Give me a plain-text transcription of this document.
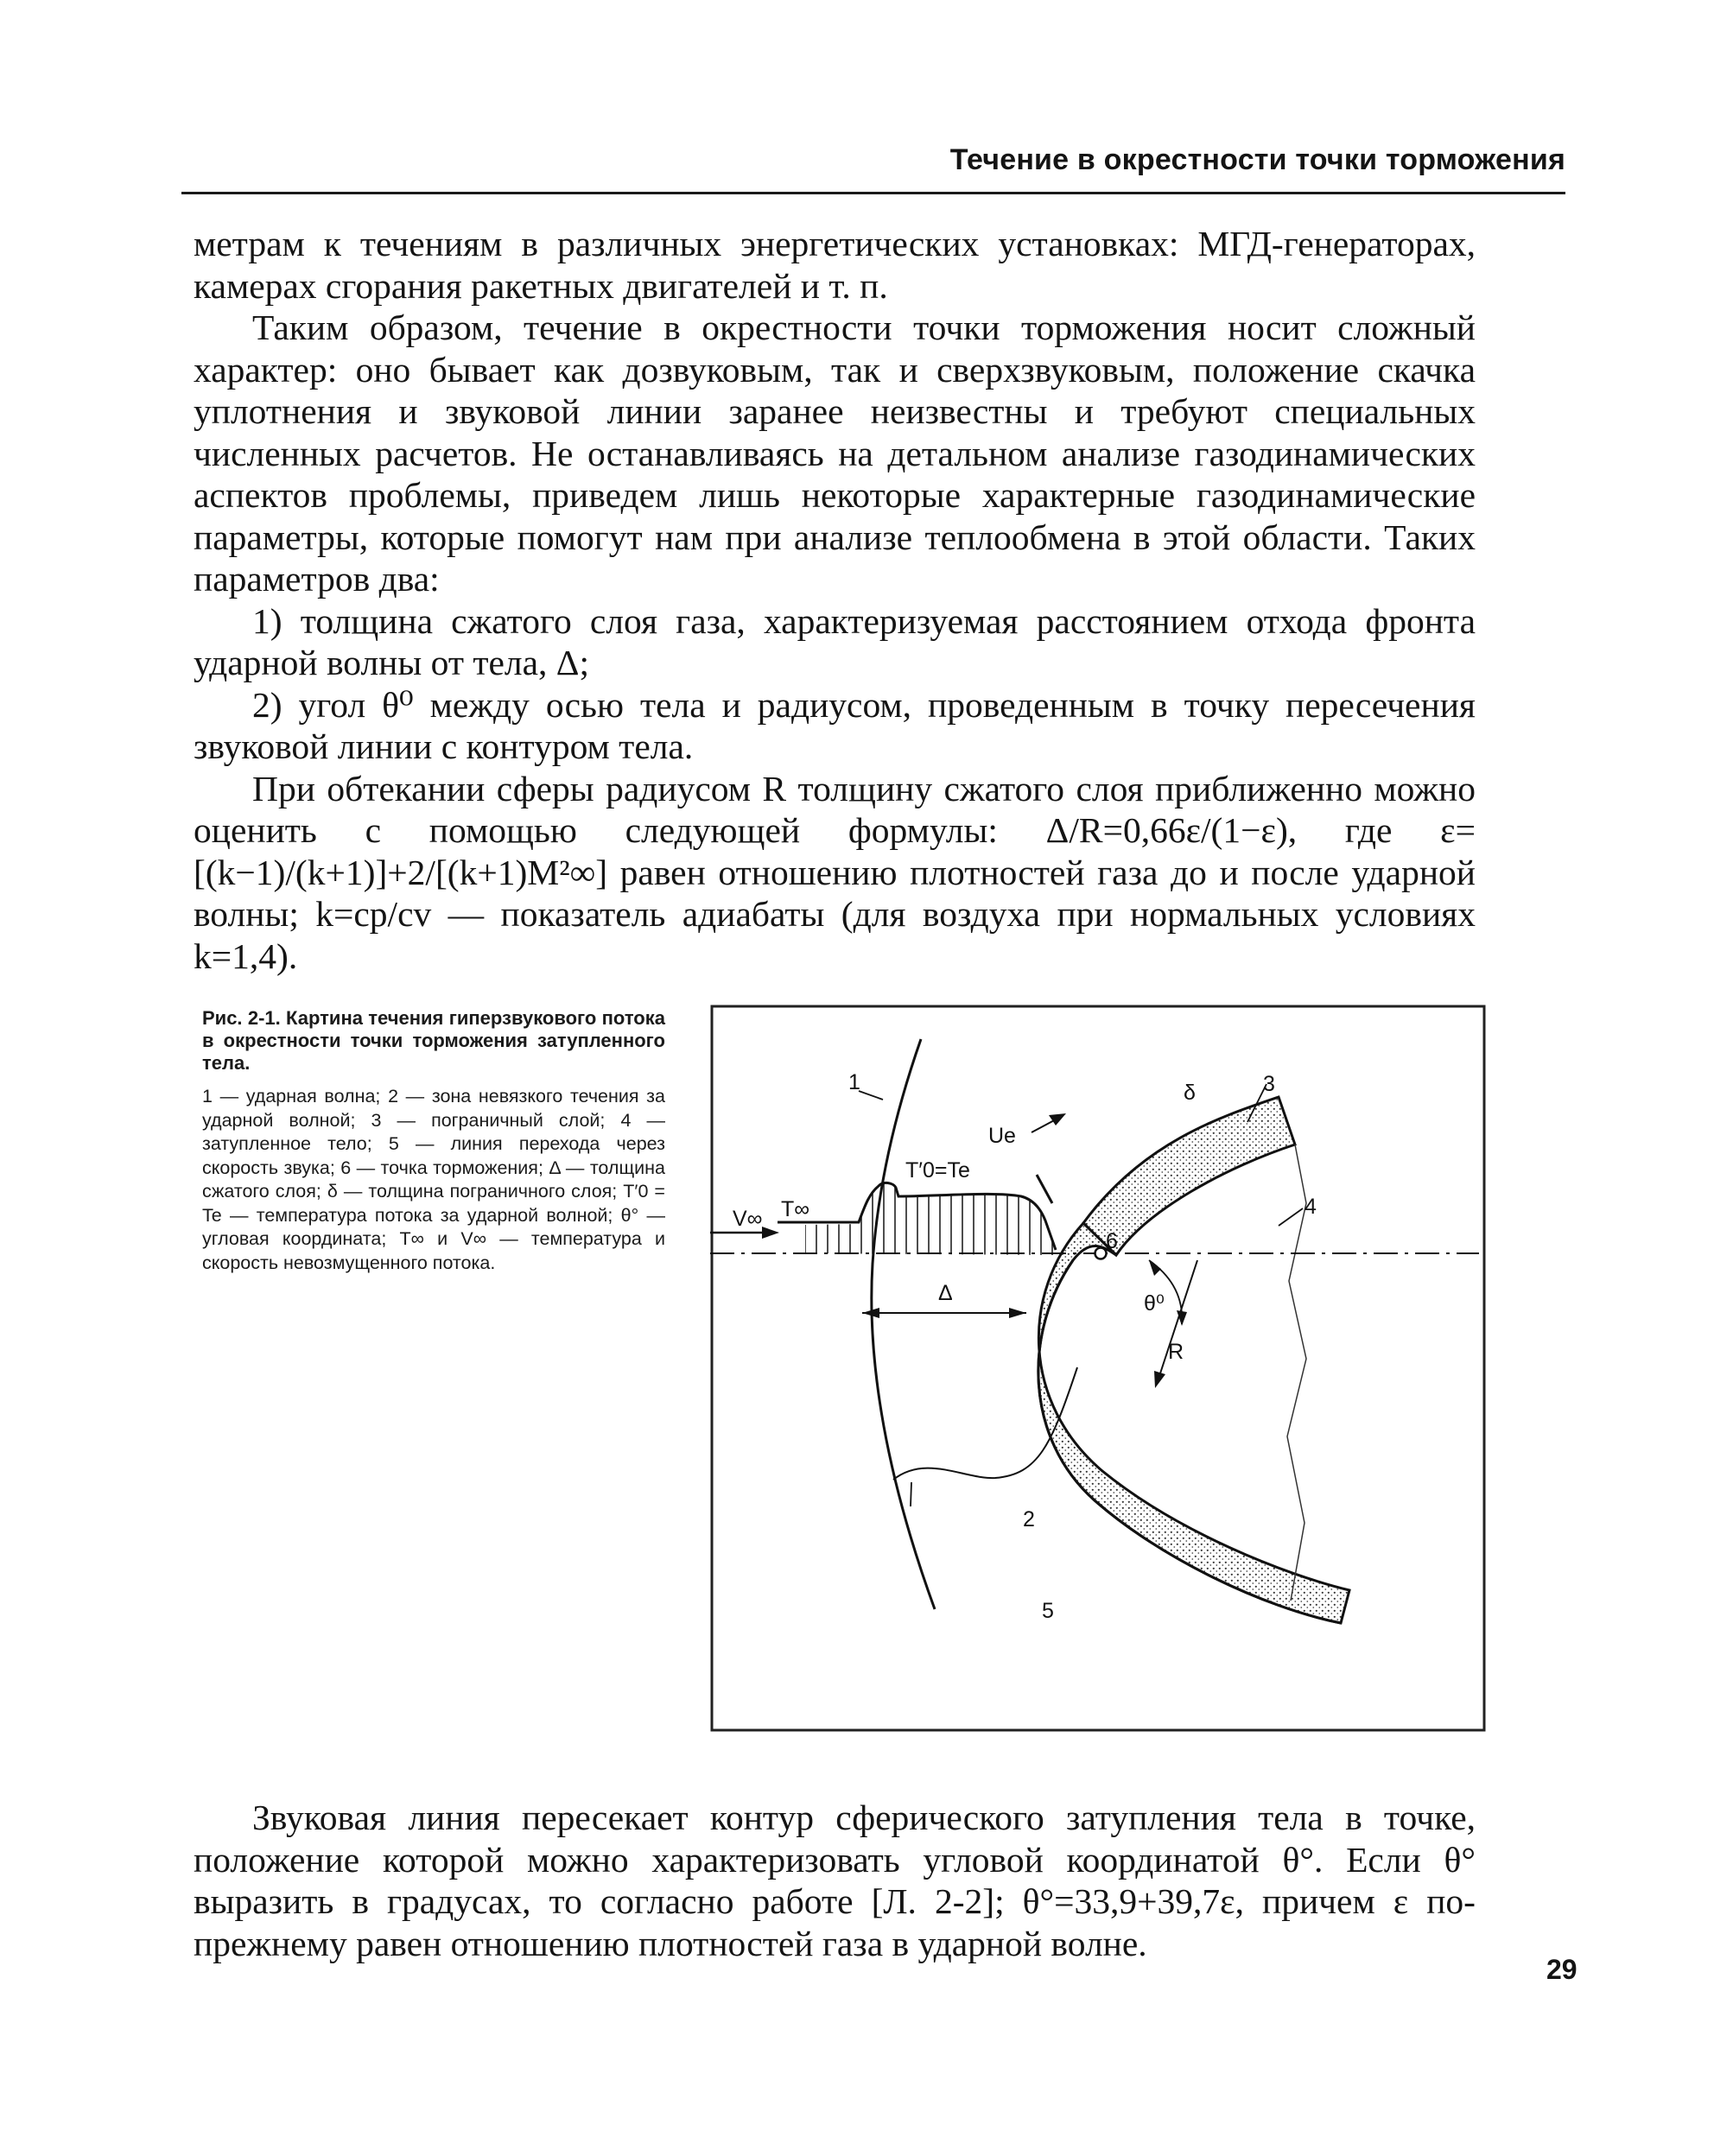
Течение в окрестности точки торможения

метрам к течениям в различных энергетических установках: МГД-генераторах, камерах сгорания ракетных двигателей и т. п.

Таким образом, течение в окрестности точки торможения носит сложный характер: оно бывает как дозвуковым, так и сверхзвуковым, положение скачка уплотнения и звуковой линии заранее неизвестны и требуют специальных численных расчетов. Не останавливаясь на детальном анализе газодинамических аспектов проблемы, приведем лишь некоторые характерные газодинамические параметры, которые помогут нам при анализе теплообмена в этой области. Таких параметров два:

1) толщина сжатого слоя газа, характеризуемая расстоянием отхода фронта ударной волны от тела, Δ;

2) угол θ⁰ между осью тела и радиусом, проведенным в точку пересечения звуковой линии с контуром тела.

При обтекании сферы радиусом R толщину сжатого слоя приближенно можно оценить с помощью следующей формулы: Δ/R=0,66ε/(1−ε), где ε=[(k−1)/(k+1)]+2/[(k+1)M²∞] равен отношению плотностей газа до и после ударной волны; k=cp/cv — показатель адиабаты (для воздуха при нормальных условиях k=1,4).

Рис. 2-1. Картина течения гиперзвукового потока в окрестности точки торможения затупленного тела.

1 — ударная волна; 2 — зона невязкого течения за ударной волной; 3 — пограничный слой; 4 — затупленное тело; 5 — линия перехода через скорость звука; 6 — точка торможения; Δ — толщина сжатого слоя; δ — толщина пограничного слоя; T′0 = Te — температура потока за ударной волной; θ° — угловая координата; T∞ и V∞ — температура и скорость невозмущенного потока.

1
2
3
4
5
6
T∞
V∞
T′0=Te
Ue
Δ
δ
θ⁰
R

Звуковая линия пересекает контур сферического затупления тела в точке, положение которой можно характеризовать угловой координатой θ°. Если θ° выразить в градусах, то согласно работе [Л. 2-2]; θ°=33,9+39,7ε, причем ε по-прежнему равен отношению плотностей газа в ударной волне.

29
